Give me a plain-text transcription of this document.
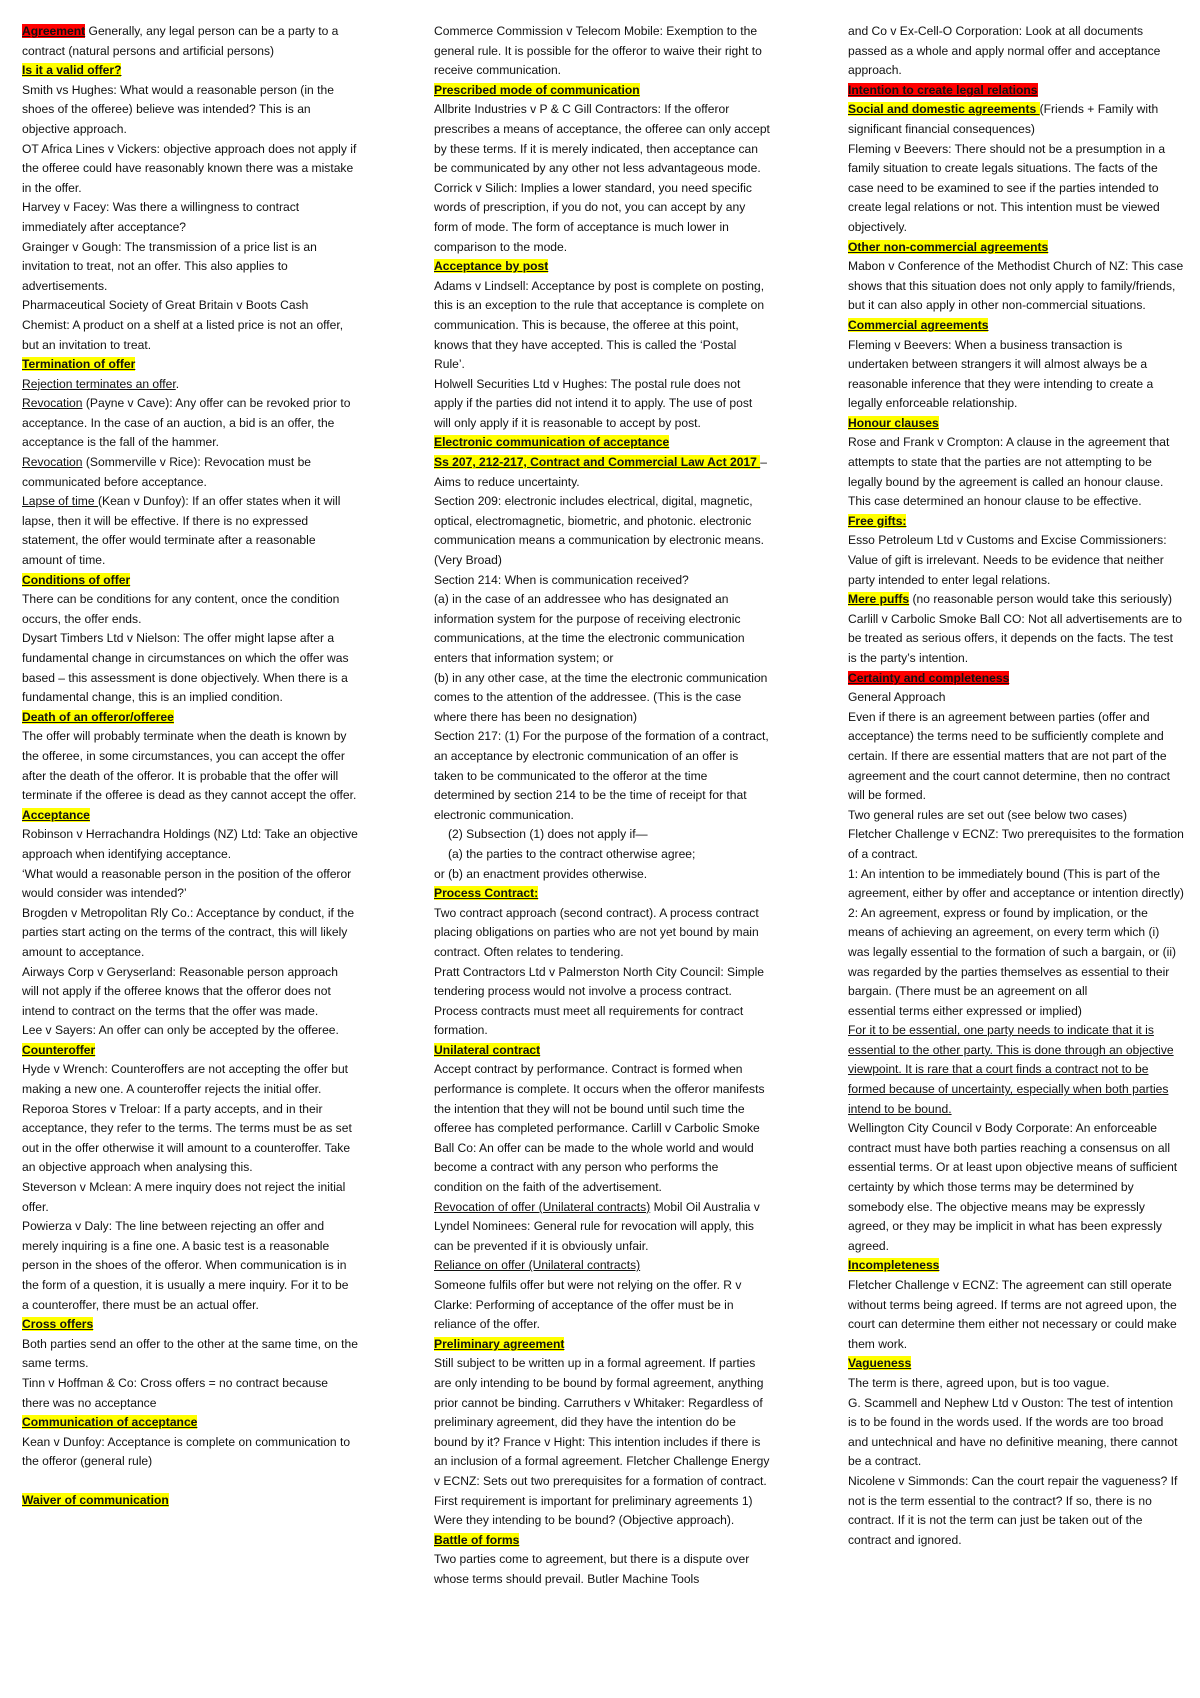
Agreement Generally, any legal person can be a party to a contract (natural persons and artificial persons)

Is it a valid offer?

Smith vs Hughes: What would a reasonable person (in the shoes of the offeree) believe was intended? This is an objective approach.

OT Africa Lines v Vickers: objective approach does not apply if the offeree could have reasonably known there was a mistake in the offer.

Harvey v Facey: Was there a willingness to contract immediately after acceptance?

Grainger v Gough: The transmission of a price list is an invitation to treat, not an offer. This also applies to advertisements.

Pharmaceutical Society of Great Britain v Boots Cash Chemist: A product on a shelf at a listed price is not an offer, but an invitation to treat.

Termination of offer

Rejection terminates an offer.

Revocation (Payne v Cave): Any offer can be revoked prior to acceptance. In the case of an auction, a bid is an offer, the acceptance is the fall of the hammer.

Revocation (Sommerville v Rice): Revocation must be communicated before acceptance.

Lapse of time (Kean v Dunfoy): If an offer states when it will lapse, then it will be effective. If there is no expressed statement, the offer would terminate after a reasonable amount of time.

Conditions of offer

There can be conditions for any content, once the condition occurs, the offer ends.

Dysart Timbers Ltd v Nielson: The offer might lapse after a fundamental change in circumstances on which the offer was based – this assessment is done objectively. When there is a fundamental change, this is an implied condition.

Death of an offeror/offeree

The offer will probably terminate when the death is known by the offeree, in some circumstances, you can accept the offer after the death of the offeror. It is probable that the offer will terminate if the offeree is dead as they cannot accept the offer.

Acceptance

Robinson v Herrachandra Holdings (NZ) Ltd: Take an objective approach when identifying acceptance.

‘What would a reasonable person in the position of the offeror would consider was intended?’

Brogden v Metropolitan Rly Co.: Acceptance by conduct, if the parties start acting on the terms of the contract, this will likely amount to acceptance.

Airways Corp v Geryserland: Reasonable person approach will not apply if the offeree knows that the offeror does not intend to contract on the terms that the offer was made.

Lee v Sayers: An offer can only be accepted by the offeree.

Counteroffer

Hyde v Wrench: Counteroffers are not accepting the offer but making a new one. A counteroffer rejects the initial offer.

Reporoa Stores v Treloar: If a party accepts, and in their acceptance, they refer to the terms. The terms must be as set out in the offer otherwise it will amount to a counteroffer. Take an objective approach when analysing this.

Steverson v Mclean: A mere inquiry does not reject the initial offer.

Powierza v Daly: The line between rejecting an offer and merely inquiring is a fine one. A basic test is a reasonable person in the shoes of the offeror. When communication is in the form of a question, it is usually a mere inquiry. For it to be a counteroffer, there must be an actual offer.

Cross offers

Both parties send an offer to the other at the same time, on the same terms.

Tinn v Hoffman & Co: Cross offers = no contract because there was no acceptance

Communication of acceptance

Kean v Dunfoy: Acceptance is complete on communication to the offeror (general rule)

Waiver of communication

Commerce Commission v Telecom Mobile: Exemption to the general rule. It is possible for the offeror to waive their right to receive communication.

Prescribed mode of communication

Allbrite Industries v P & C Gill Contractors: If the offeror prescribes a means of acceptance, the offeree can only accept by these terms. If it is merely indicated, then acceptance can be communicated by any other not less advantageous mode.

Corrick v Silich: Implies a lower standard, you need specific words of prescription, if you do not, you can accept by any form of mode. The form of acceptance is much lower in comparison to the mode.

Acceptance by post

Adams v Lindsell: Acceptance by post is complete on posting, this is an exception to the rule that acceptance is complete on communication. This is because, the offeree at this point, knows that they have accepted. This is called the ‘Postal Rule’.

Holwell Securities Ltd v Hughes: The postal rule does not apply if the parties did not intend it to apply. The use of post will only apply if it is reasonable to accept by post.

Electronic communication of acceptance

Ss 207, 212-217, Contract and Commercial Law Act 2017 – Aims to reduce uncertainty.

Section 209: electronic includes electrical, digital, magnetic, optical, electromagnetic, biometric, and photonic. electronic communication means a communication by electronic means. (Very Broad)

Section 214: When is communication received?

(a) in the case of an addressee who has designated an information system for the purpose of receiving electronic communications, at the time the electronic communication enters that information system; or

(b) in any other case, at the time the electronic communication comes to the attention of the addressee. (This is the case where there has been no designation)

Section 217: (1) For the purpose of the formation of a contract, an acceptance by electronic communication of an offer is taken to be communicated to the offeror at the time determined by section 214 to be the time of receipt for that electronic communication.

(2) Subsection (1) does not apply if—

(a) the parties to the contract otherwise agree;

or (b) an enactment provides otherwise.

Process Contract:

Two contract approach (second contract). A process contract placing obligations on parties who are not yet bound by main contract. Often relates to tendering.

Pratt Contractors Ltd v Palmerston North City Council: Simple tendering process would not involve a process contract. Process contracts must meet all requirements for contract formation.

Unilateral contract

Accept contract by performance. Contract is formed when performance is complete. It occurs when the offeror manifests the intention that they will not be bound until such time the offeree has completed performance. Carlill v Carbolic Smoke Ball Co: An offer can be made to the whole world and would become a contract with any person who performs the condition on the faith of the advertisement.

Revocation of offer (Unilateral contracts) Mobil Oil Australia v Lyndel Nominees: General rule for revocation will apply, this can be prevented if it is obviously unfair.

Reliance on offer (Unilateral contracts)

Someone fulfils offer but were not relying on the offer. R v Clarke: Performing of acceptance of the offer must be in reliance of the offer.

Preliminary agreement

Still subject to be written up in a formal agreement. If parties are only intending to be bound by formal agreement, anything prior cannot be binding. Carruthers v Whitaker: Regardless of preliminary agreement, did they have the intention do be bound by it? France v Hight: This intention includes if there is an inclusion of a formal agreement. Fletcher Challenge Energy v ECNZ: Sets out two prerequisites for a formation of contract. First requirement is important for preliminary agreements 1) Were they intending to be bound? (Objective approach).

Battle of forms

Two parties come to agreement, but there is a dispute over whose terms should prevail. Butler Machine Tools

and Co v Ex-Cell-O Corporation: Look at all documents passed as a whole and apply normal offer and acceptance approach.

Intention to create legal relations

Social and domestic agreements (Friends + Family with significant financial consequences)

Fleming v Beevers: There should not be a presumption in a family situation to create legals situations. The facts of the case need to be examined to see if the parties intended to create legal relations or not. This intention must be viewed objectively.

Other non-commercial agreements

Mabon v Conference of the Methodist Church of NZ: This case shows that this situation does not only apply to family/friends, but it can also apply in other non-commercial situations.

Commercial agreements

Fleming v Beevers: When a business transaction is undertaken between strangers it will almost always be a reasonable inference that they were intending to create a legally enforceable relationship.

Honour clauses

Rose and Frank v Crompton: A clause in the agreement that attempts to state that the parties are not attempting to be legally bound by the agreement is called an honour clause. This case determined an honour clause to be effective.

Free gifts:

Esso Petroleum Ltd v Customs and Excise Commissioners: Value of gift is irrelevant. Needs to be evidence that neither party intended to enter legal relations.

Mere puffs (no reasonable person would take this seriously) Carlill v Carbolic Smoke Ball CO: Not all advertisements are to be treated as serious offers, it depends on the facts. The test is the party’s intention.

Certainty and completeness

General Approach

Even if there is an agreement between parties (offer and acceptance) the terms need to be sufficiently complete and certain. If there are essential matters that are not part of the agreement and the court cannot determine, then no contract will be formed.

Two general rules are set out (see below two cases)

Fletcher Challenge v ECNZ: Two prerequisites to the formation of a contract.

1: An intention to be immediately bound (This is part of the agreement, either by offer and acceptance or intention directly)

2: An agreement, express or found by implication, or the means of achieving an agreement, on every term which (i) was legally essential to the formation of such a bargain, or (ii) was regarded by the parties themselves as essential to their bargain. (There must be an agreement on all

essential terms either expressed or implied)

For it to be essential, one party needs to indicate that it is essential to the other party. This is done through an objective viewpoint. It is rare that a court finds a contract not to be formed because of uncertainty, especially when both parties intend to be bound.

Wellington City Council v Body Corporate: An enforceable contract must have both parties reaching a consensus on all essential terms. Or at least upon objective means of sufficient certainty by which those terms may be determined by somebody else. The objective means may be expressly agreed, or they may be implicit in what has been expressly agreed.

Incompleteness

Fletcher Challenge v ECNZ: The agreement can still operate without terms being agreed. If terms are not agreed upon, the court can determine them either not necessary or could make them work.

Vagueness

The term is there, agreed upon, but is too vague.

G. Scammell and Nephew Ltd v Ouston: The test of intention is to be found in the words used. If the words are too broad and untechnical and have no definitive meaning, there cannot be a contract.

Nicolene v Simmonds: Can the court repair the vagueness? If not is the term essential to the contract? If so, there is no contract. If it is not the term can just be taken out of the contract and ignored.
